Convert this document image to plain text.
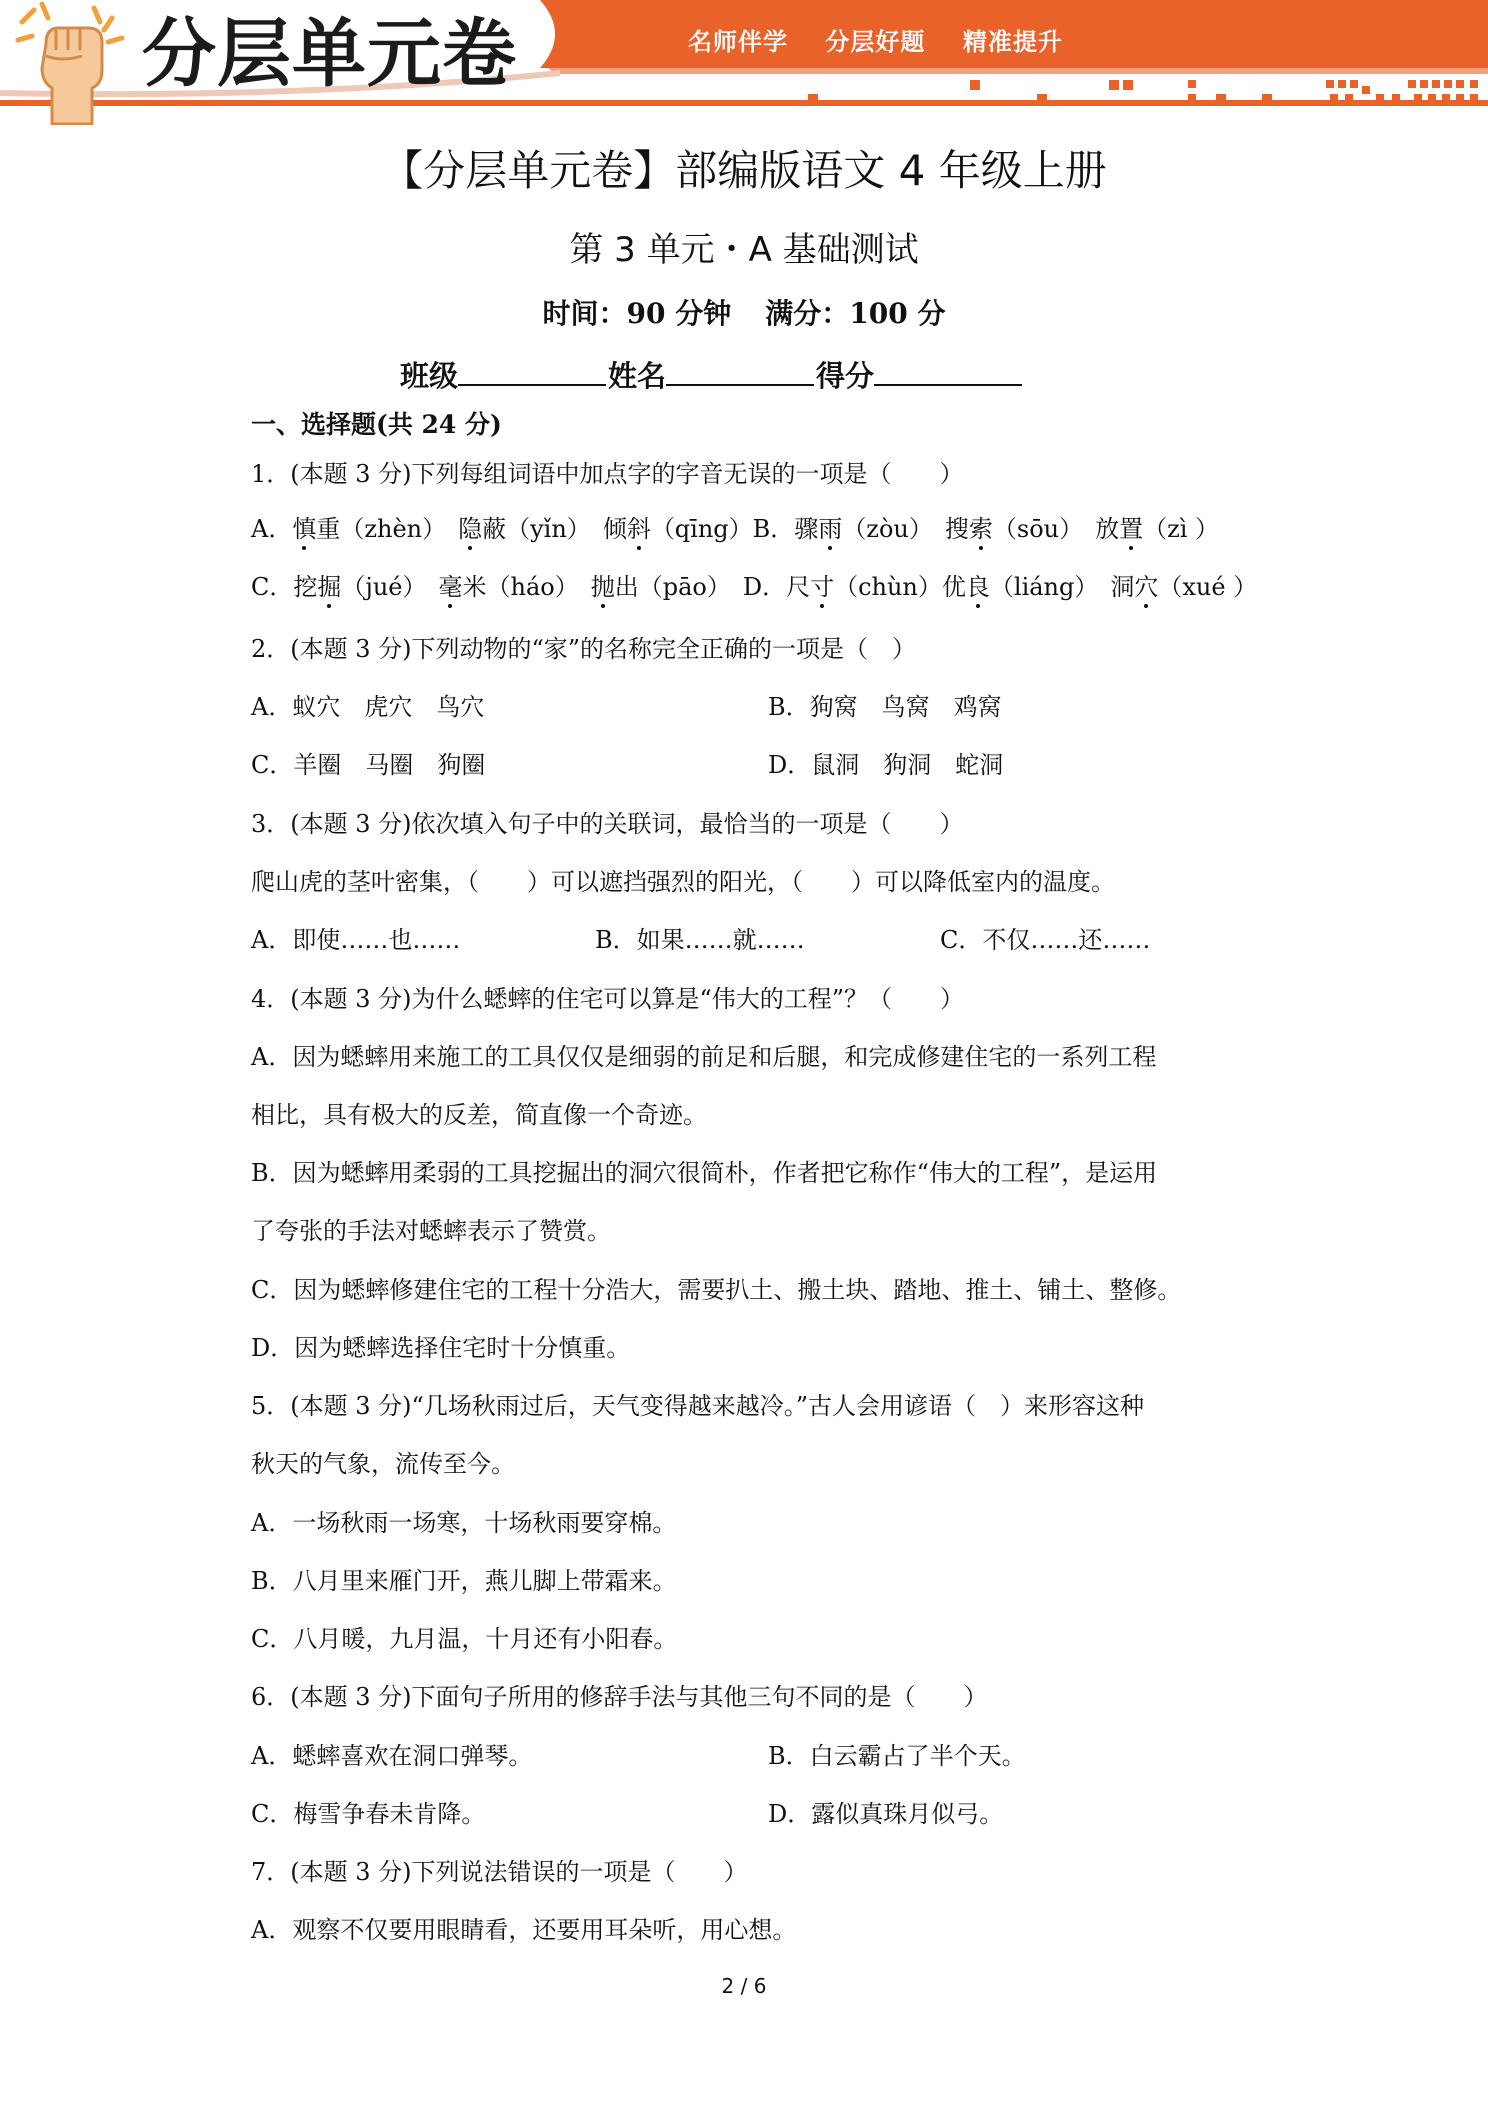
分层单元卷	名师伴学    分层好题    精准提升
【分层单元卷】部编版语文 4 年级上册
第 3 单元・A 基础测试
时间：90 分钟 满分：100 分
班级	姓名	得分
一、选择题(共 24 分)
1．(本题 3 分)下列每组词语中加点字的字音无误的一项是（　　）
A．慎重（zhèn）　 隐蔽（yǐn）　 倾斜（qīng）B．骤雨（zòu）　 搜索（sōu）　 放置（zì ）
C．挖掘（jué）　 毫米（háo）　 抛出（pāo）　 D．尺寸（chùn）优良（liáng）　 洞穴（xué ）
2．(本题 3 分)下列动物的“家”的名称完全正确的一项是（　）
A．蚁穴　虎穴　鸟穴	B．狗窝　鸟窝　鸡窝
C．羊圈　马圈　狗圈	D．鼠洞　狗洞　蛇洞
3．(本题 3 分)依次填入句子中的关联词，最恰当的一项是（　　）
爬山虎的茎叶密集，（　　）可以遮挡强烈的阳光，（　　）可以降低室内的温度。
A．即使……也……	B．如果……就……	C．不仅……还……
4．(本题 3 分)为什么蟋蟀的住宅可以算是“伟大的工程”？（　　）
A．因为蟋蟀用来施工的工具仅仅是细弱的前足和后腿，和完成修建住宅的一系列工程
相比，具有极大的反差，简直像一个奇迹。
B．因为蟋蟀用柔弱的工具挖掘出的洞穴很简朴，作者把它称作“伟大的工程”，是运用
了夸张的手法对蟋蟀表示了赞赏。
C．因为蟋蟀修建住宅的工程十分浩大，需要扒土、搬土块、踏地、推土、铺土、整修。
D．因为蟋蟀选择住宅时十分慎重。
5．(本题 3 分)“几场秋雨过后，天气变得越来越冷。”古人会用谚语（　）来形容这种
秋天的气象，流传至今。
A．一场秋雨一场寒，十场秋雨要穿棉。
B．八月里来雁门开，燕儿脚上带霜来。
C．八月暖，九月温，十月还有小阳春。
6．(本题 3 分)下面句子所用的修辞手法与其他三句不同的是（　　）
A．蟋蟀喜欢在洞口弹琴。	B．白云霸占了半个天。
C．梅雪争春未肯降。	D．露似真珠月似弓。
7．(本题 3 分)下列说法错误的一项是（　　）
A．观察不仅要用眼睛看，还要用耳朵听，用心想。
2 / 6
